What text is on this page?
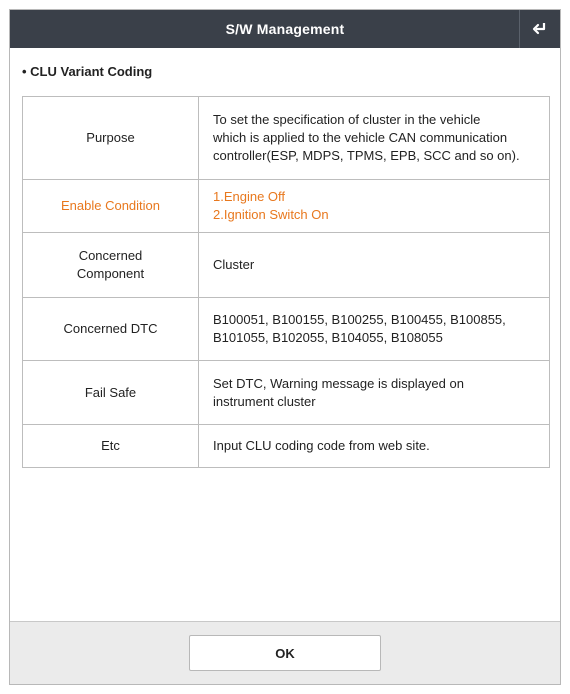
S/W Management
• CLU Variant Coding
Purpose	To set the specification of cluster in the vehicle
which is applied to the vehicle CAN communication
controller(ESP, MDPS, TPMS, EPB, SCC and so on).

Enable Condition	1.Engine Off
2.Ignition Switch On

Concerned
Component	Cluster

Concerned DTC	B100051, B100155, B100255, B100455, B100855,
B101055, B102055, B104055, B108055

Fail Safe	Set DTC, Warning message is displayed on
instrument cluster

Etc	Input CLU coding code from web site.
OK
